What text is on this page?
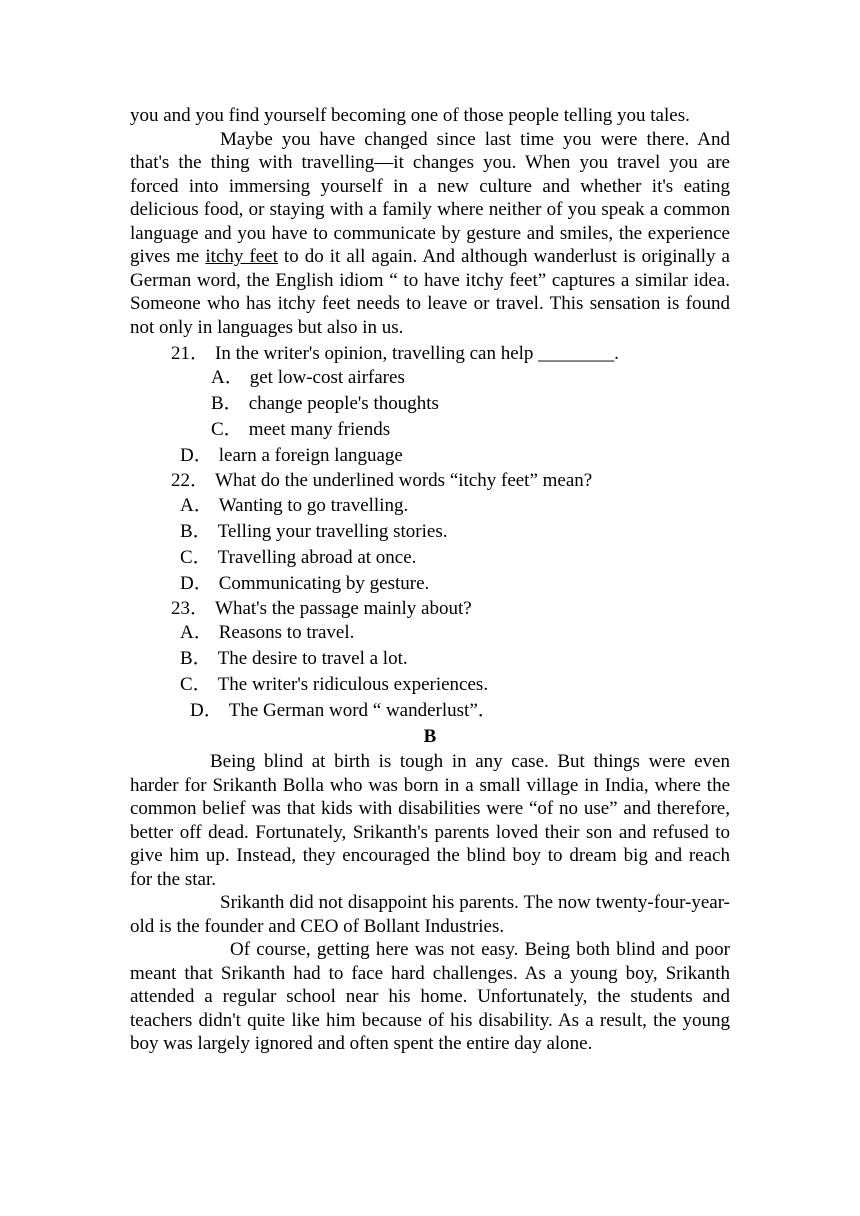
you and you find yourself becoming one of those people telling you tales.

Maybe you have changed since last time you were there. And that's the thing with travelling—it changes you. When you travel you are forced into immersing yourself in a new culture and whether it's eating delicious food, or staying with a family where neither of you speak a common language and you have to communicate by gesture and smiles, the experience gives me itchy feet to do it all again. And although wanderlust is originally a German word, the English idiom “ to have itchy feet” captures a similar idea. Someone who has itchy feet needs to leave or travel. This sensation is found not only in languages but also in us.

21． In the writer's opinion, travelling can help ________.
A． get low-cost airfares
B． change people's thoughts
C． meet many friends
D． learn a foreign language
22． What do the underlined words “itchy feet” mean?
A． Wanting to go travelling.
B． Telling your travelling stories.
C． Travelling abroad at once.
D． Communicating by gesture.
23． What's the passage mainly about?
A． Reasons to travel.
B． The desire to travel a lot.
C． The writer's ridiculous experiences.
D． The German word “ wanderlust”．

B

Being blind at birth is tough in any case. But things were even harder for Srikanth Bolla who was born in a small village in India, where the common belief was that kids with disabilities were “of no use” and therefore, better off dead. Fortunately, Srikanth's parents loved their son and refused to give him up. Instead, they encouraged the blind boy to dream big and reach for the star.

Srikanth did not disappoint his parents. The now twenty-four-year-old is the founder and CEO of Bollant Industries.

Of course, getting here was not easy. Being both blind and poor meant that Srikanth had to face hard challenges. As a young boy, Srikanth attended a regular school near his home. Unfortunately, the students and teachers didn't quite like him because of his disability. As a result, the young boy was largely ignored and often spent the entire day alone.
